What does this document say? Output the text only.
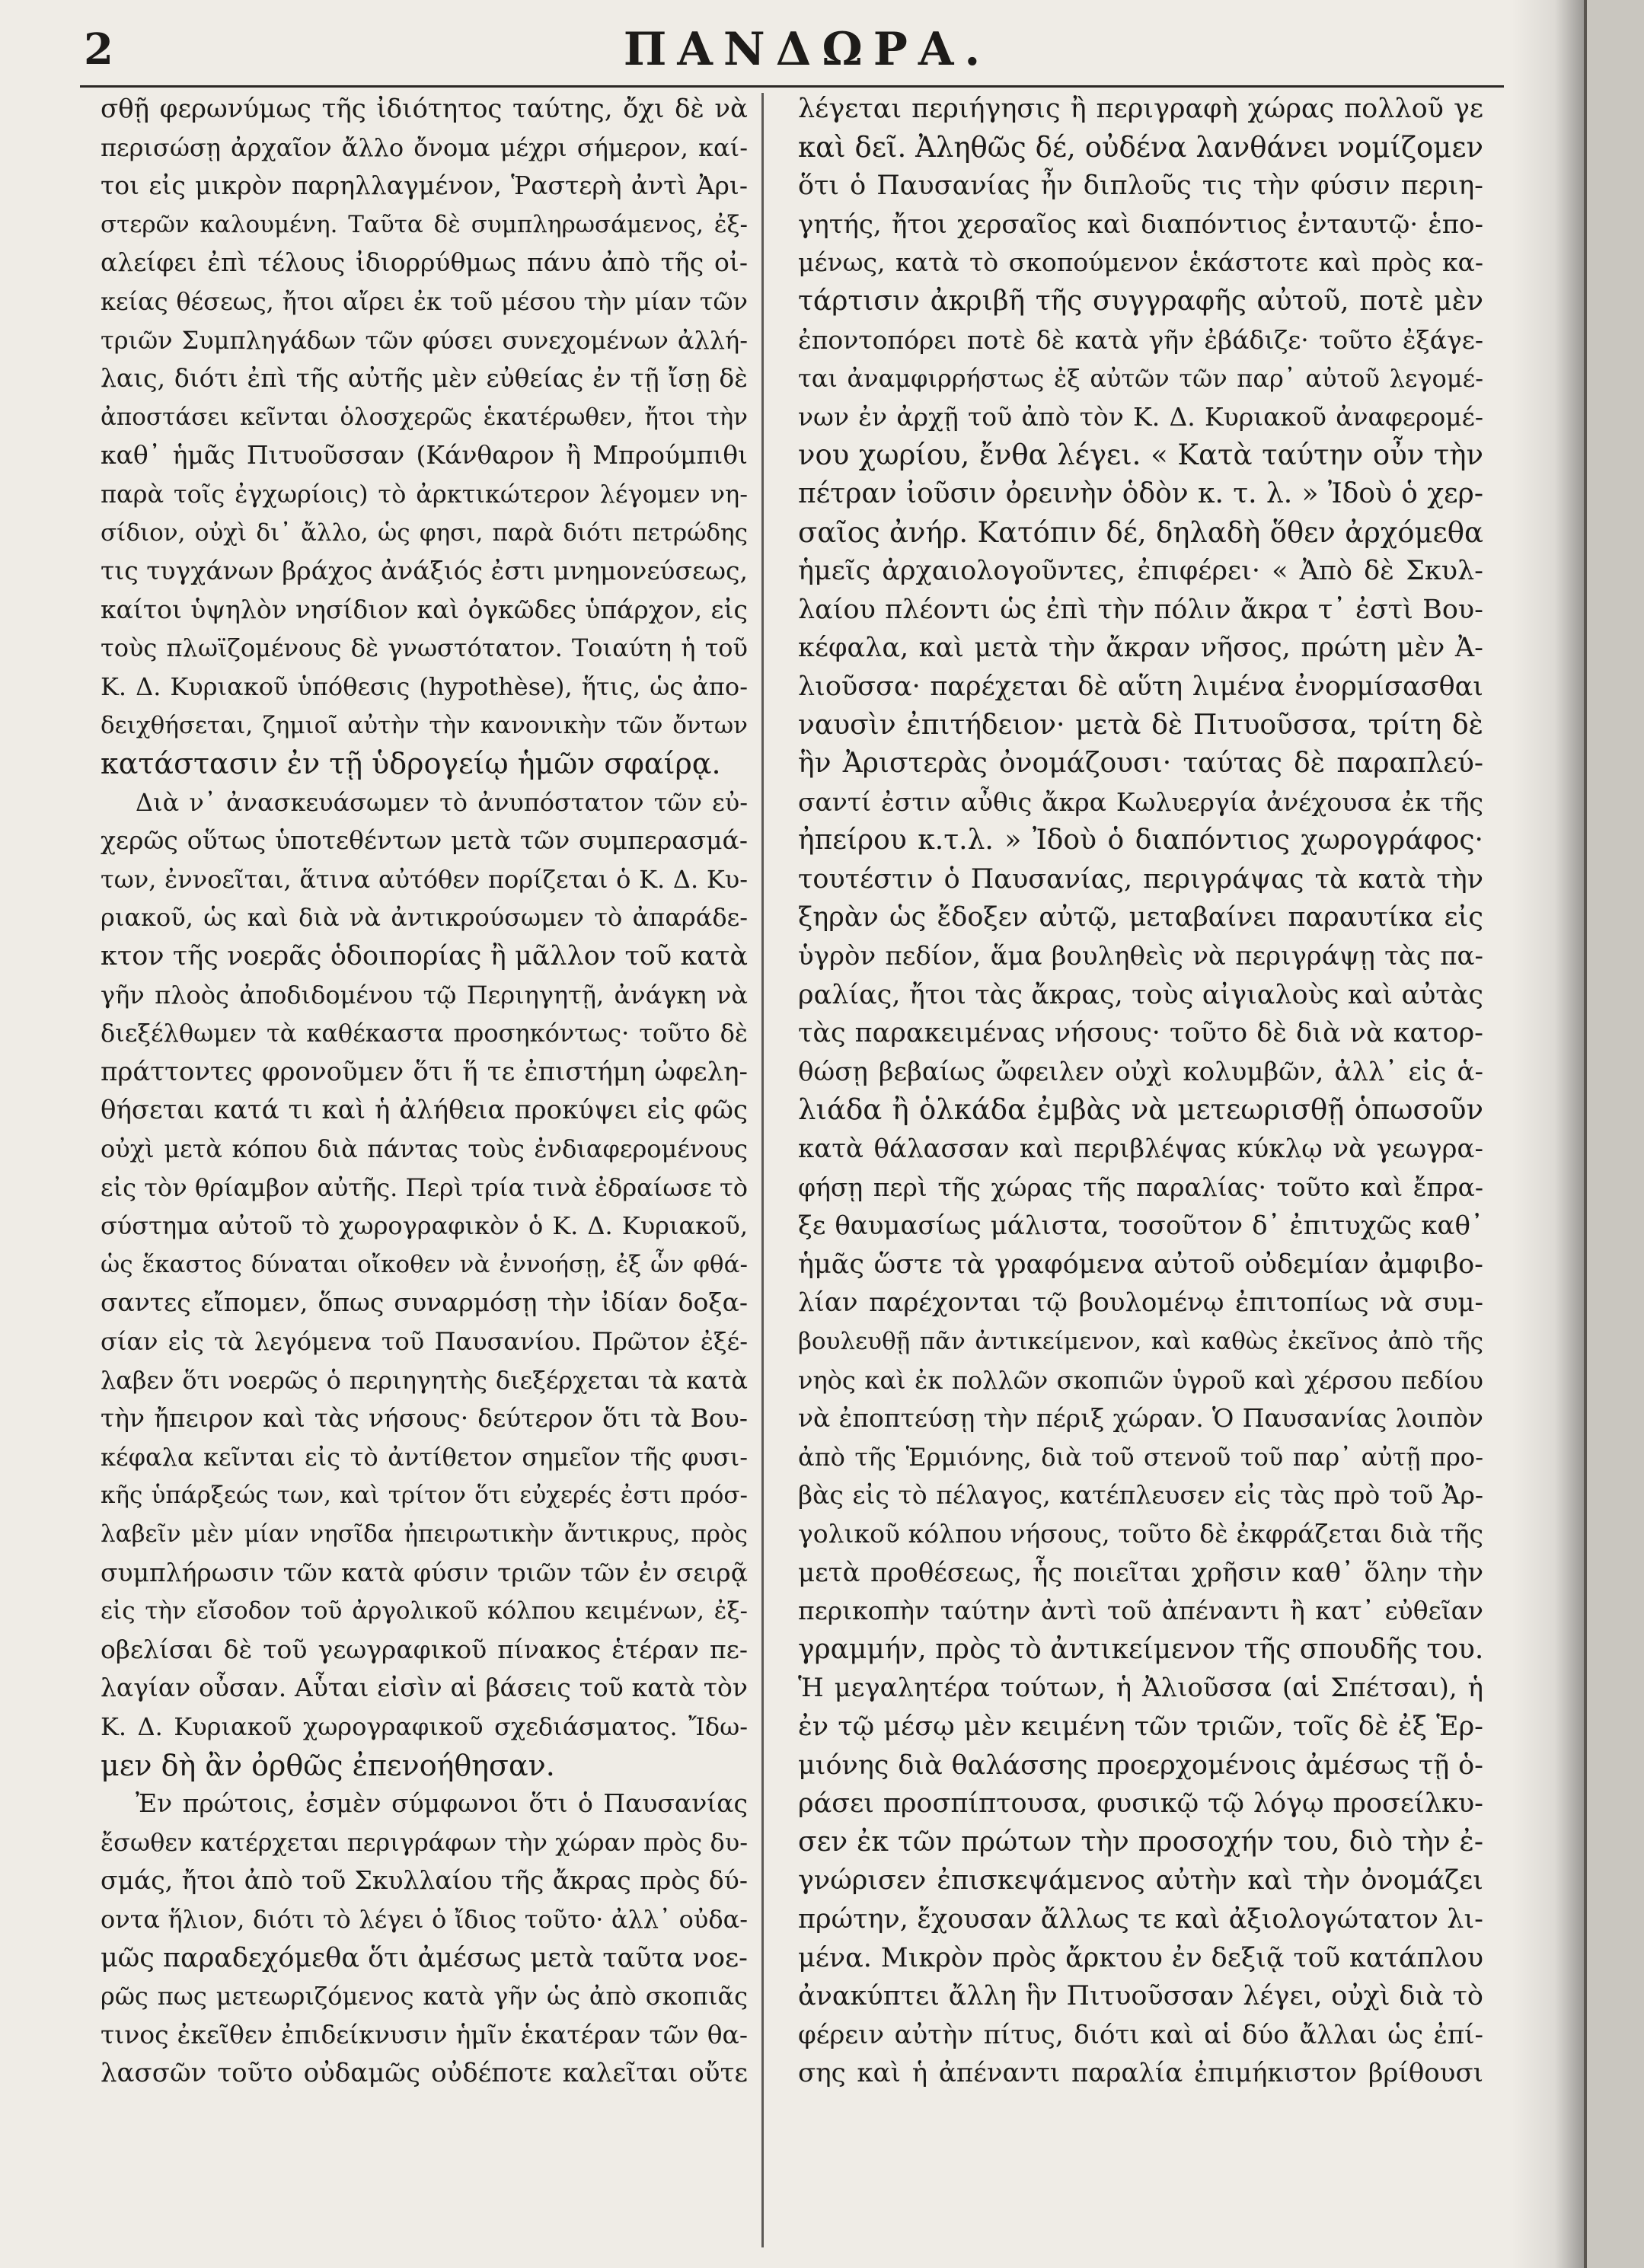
2	ΠΑΝΔΩΡΑ.
σθῇ φερωνύμως τῆς ἰδιότητος ταύτης, ὄχι δὲ νὰ
περισώσῃ ἀρχαῖον ἄλλο ὄνομα μέχρι σήμερον, καί-
τοι εἰς μικρὸν παρηλλαγμένον, Ῥαστερὴ ἀντὶ Ἀρι-
στερῶν καλουμένη. Ταῦτα δὲ συμπληρωσάμενος, ἐξ-
αλείφει ἐπὶ τέλους ἰδιορρύθμως πάνυ ἀπὸ τῆς οἰ-
κείας θέσεως, ἤτοι αἴρει ἐκ τοῦ μέσου τὴν μίαν τῶν
τριῶν Συμπληγάδων τῶν φύσει συνεχομένων ἀλλή-
λαις, διότι ἐπὶ τῆς αὐτῆς μὲν εὐθείας ἐν τῇ ἴσῃ δὲ
ἀποστάσει κεῖνται ὁλοσχερῶς ἑκατέρωθεν, ἤτοι τὴν
καθ᾽ ἡμᾶς Πιτυοῦσσαν (Κάνθαρον ἢ Μπρούμπιθι
παρὰ τοῖς ἐγχωρίοις) τὸ ἀρκτικώτερον λέγομεν νη-
σίδιον, οὐχὶ δι᾽ ἄλλο, ὡς φησι, παρὰ διότι πετρώδης
τις τυγχάνων βράχος ἀνάξιός ἐστι μνημονεύσεως,
καίτοι ὑψηλὸν νησίδιον καὶ ὀγκῶδες ὑπάρχον, εἰς
τοὺς πλωϊζομένους δὲ γνωστότατον. Τοιαύτη ἡ τοῦ
Κ. Δ. Κυριακοῦ ὑπόθεσις (hypothèse), ἥτις, ὡς ἀπο-
δειχθήσεται, ζημιοῖ αὐτὴν τὴν κανονικὴν τῶν ὄντων
κατάστασιν ἐν τῇ ὑδρογείῳ ἡμῶν σφαίρᾳ.
Διὰ ν᾽ ἀνασκευάσωμεν τὸ ἀνυπόστατον τῶν εὐ-
χερῶς οὕτως ὑποτεθέντων μετὰ τῶν συμπερασμά-
των, ἐννοεῖται, ἅτινα αὐτόθεν πορίζεται ὁ Κ. Δ. Κυ-
ριακοῦ, ὡς καὶ διὰ νὰ ἀντικρούσωμεν τὸ ἀπαράδε-
κτον τῆς νοερᾶς ὁδοιπορίας ἢ μᾶλλον τοῦ κατὰ
γῆν πλοὸς ἀποδιδομένου τῷ Περιηγητῇ, ἀνάγκη νὰ
διεξέλθωμεν τὰ καθέκαστα προσηκόντως· τοῦτο δὲ
πράττοντες φρονοῦμεν ὅτι ἥ τε ἐπιστήμη ὠφελη-
θήσεται κατά τι καὶ ἡ ἀλήθεια προκύψει εἰς φῶς
οὐχὶ μετὰ κόπου διὰ πάντας τοὺς ἐνδιαφερομένους
εἰς τὸν θρίαμβον αὐτῆς. Περὶ τρία τινὰ ἐδραίωσε τὸ
σύστημα αὐτοῦ τὸ χωρογραφικὸν ὁ Κ. Δ. Κυριακοῦ,
ὡς ἕκαστος δύναται οἴκοθεν νὰ ἐννοήσῃ, ἐξ ὧν φθά-
σαντες εἴπομεν, ὅπως συναρμόσῃ τὴν ἰδίαν δοξα-
σίαν εἰς τὰ λεγόμενα τοῦ Παυσανίου. Πρῶτον ἐξέ-
λαβεν ὅτι νοερῶς ὁ περιηγητὴς διεξέρχεται τὰ κατὰ
τὴν ἤπειρον καὶ τὰς νήσους· δεύτερον ὅτι τὰ Βου-
κέφαλα κεῖνται εἰς τὸ ἀντίθετον σημεῖον τῆς φυσι-
κῆς ὑπάρξεώς των, καὶ τρίτον ὅτι εὐχερές ἐστι πρόσ-
λαβεῖν μὲν μίαν νησῖδα ἠπειρωτικὴν ἄντικρυς, πρὸς
συμπλήρωσιν τῶν κατὰ φύσιν τριῶν τῶν ἐν σειρᾷ
εἰς τὴν εἴσοδον τοῦ ἀργολικοῦ κόλπου κειμένων, ἐξ-
οβελίσαι δὲ τοῦ γεωγραφικοῦ πίνακος ἑτέραν πε-
λαγίαν οὖσαν. Αὗται εἰσὶν αἱ βάσεις τοῦ κατὰ τὸν
Κ. Δ. Κυριακοῦ χωρογραφικοῦ σχεδιάσματος. Ἴδω-
μεν δὴ ἂν ὀρθῶς ἐπενοήθησαν.
Ἐν πρώτοις, ἐσμὲν σύμφωνοι ὅτι ὁ Παυσανίας
ἔσωθεν κατέρχεται περιγράφων τὴν χώραν πρὸς δυ-
σμάς, ἤτοι ἀπὸ τοῦ Σκυλλαίου τῆς ἄκρας πρὸς δύ-
οντα ἥλιον, διότι τὸ λέγει ὁ ἴδιος τοῦτο· ἀλλ᾽ οὐδα-
μῶς παραδεχόμεθα ὅτι ἀμέσως μετὰ ταῦτα νοε-
ρῶς πως μετεωριζόμενος κατὰ γῆν ὡς ἀπὸ σκοπιᾶς
τινος ἐκεῖθεν ἐπιδείκνυσιν ἡμῖν ἑκατέραν τῶν θα-
λασσῶν τοῦτο οὐδαμῶς οὐδέποτε καλεῖται οὔτε
λέγεται περιήγησις ἢ περιγραφὴ χώρας πολλοῦ γε
καὶ δεῖ. Ἀληθῶς δέ, οὐδένα λανθάνει νομίζομεν
ὅτι ὁ Παυσανίας ἦν διπλοῦς τις τὴν φύσιν περιη-
γητής, ἤτοι χερσαῖος καὶ διαπόντιος ἐνταυτῷ· ἑπο-
μένως, κατὰ τὸ σκοπούμενον ἑκάστοτε καὶ πρὸς κα-
τάρτισιν ἀκριβῆ τῆς συγγραφῆς αὐτοῦ, ποτὲ μὲν
ἐποντοπόρει ποτὲ δὲ κατὰ γῆν ἐβάδιζε· τοῦτο ἐξάγε-
ται ἀναμφιρρήστως ἐξ αὐτῶν τῶν παρ᾽ αὐτοῦ λεγομέ-
νων ἐν ἀρχῇ τοῦ ἀπὸ τὸν Κ. Δ. Κυριακοῦ ἀναφερομέ-
νου χωρίου, ἔνθα λέγει. « Κατὰ ταύτην οὖν τὴν
πέτραν ἰοῦσιν ὀρεινὴν ὁδὸν κ. τ. λ. » Ἰδοὺ ὁ χερ-
σαῖος ἀνήρ. Κατόπιν δέ, δηλαδὴ ὅθεν ἀρχόμεθα
ἡμεῖς ἀρχαιολογοῦντες, ἐπιφέρει· « Ἀπὸ δὲ Σκυλ-
λαίου πλέοντι ὡς ἐπὶ τὴν πόλιν ἄκρα τ᾽ ἐστὶ Βου-
κέφαλα, καὶ μετὰ τὴν ἄκραν νῆσος, πρώτη μὲν Ἀ-
λιοῦσσα· παρέχεται δὲ αὕτη λιμένα ἐνορμίσασθαι
ναυσὶν ἐπιτήδειον· μετὰ δὲ Πιτυοῦσσα, τρίτη δὲ
ἣν Ἀριστερὰς ὀνομάζουσι· ταύτας δὲ παραπλεύ-
σαντί ἐστιν αὖθις ἄκρα Κωλυεργία ἀνέχουσα ἐκ τῆς
ἠπείρου κ.τ.λ. » Ἰδοὺ ὁ διαπόντιος χωρογράφος·
τουτέστιν ὁ Παυσανίας, περιγράψας τὰ κατὰ τὴν
ξηρὰν ὡς ἔδοξεν αὐτῷ, μεταβαίνει παραυτίκα εἰς
ὑγρὸν πεδίον, ἅμα βουληθεὶς νὰ περιγράψῃ τὰς πα-
ραλίας, ἤτοι τὰς ἄκρας, τοὺς αἰγιαλοὺς καὶ αὐτὰς
τὰς παρακειμένας νήσους· τοῦτο δὲ διὰ νὰ κατορ-
θώσῃ βεβαίως ὤφειλεν οὐχὶ κολυμβῶν, ἀλλ᾽ εἰς ἁ-
λιάδα ἢ ὁλκάδα ἐμβὰς νὰ μετεωρισθῇ ὁπωσοῦν
κατὰ θάλασσαν καὶ περιβλέψας κύκλῳ νὰ γεωγρα-
φήσῃ περὶ τῆς χώρας τῆς παραλίας· τοῦτο καὶ ἔπρα-
ξε θαυμασίως μάλιστα, τοσοῦτον δ᾽ ἐπιτυχῶς καθ᾽
ἡμᾶς ὥστε τὰ γραφόμενα αὐτοῦ οὐδεμίαν ἀμφιβο-
λίαν παρέχονται τῷ βουλομένῳ ἐπιτοπίως νὰ συμ-
βουλευθῇ πᾶν ἀντικείμενον, καὶ καθὼς ἐκεῖνος ἀπὸ τῆς
νηὸς καὶ ἐκ πολλῶν σκοπιῶν ὑγροῦ καὶ χέρσου πεδίου
νὰ ἐποπτεύσῃ τὴν πέριξ χώραν. Ὁ Παυσανίας λοιπὸν
ἀπὸ τῆς Ἑρμιόνης, διὰ τοῦ στενοῦ τοῦ παρ᾽ αὐτῇ προ-
βὰς εἰς τὸ πέλαγος, κατέπλευσεν εἰς τὰς πρὸ τοῦ Ἀρ-
γολικοῦ κόλπου νήσους, τοῦτο δὲ ἐκφράζεται διὰ τῆς
μετὰ προθέσεως, ἧς ποιεῖται χρῆσιν καθ᾽ ὅλην τὴν
περικοπὴν ταύτην ἀντὶ τοῦ ἀπέναντι ἢ κατ᾽ εὐθεῖαν
γραμμήν, πρὸς τὸ ἀντικείμενον τῆς σπουδῆς του.
Ἡ μεγαλητέρα τούτων, ἡ Ἀλιοῦσσα (αἱ Σπέτσαι), ἡ
ἐν τῷ μέσῳ μὲν κειμένη τῶν τριῶν, τοῖς δὲ ἐξ Ἑρ-
μιόνης διὰ θαλάσσης προερχομένοις ἀμέσως τῇ ὁ-
ράσει προσπίπτουσα, φυσικῷ τῷ λόγῳ προσείλκυ-
σεν ἐκ τῶν πρώτων τὴν προσοχήν του, διὸ τὴν ἐ-
γνώρισεν ἐπισκεψάμενος αὐτὴν καὶ τὴν ὀνομάζει
πρώτην, ἔχουσαν ἄλλως τε καὶ ἀξιολογώτατον λι-
μένα. Μικρὸν πρὸς ἄρκτου ἐν δεξιᾷ τοῦ κατάπλου
ἀνακύπτει ἄλλη ἣν Πιτυοῦσσαν λέγει, οὐχὶ διὰ τὸ
φέρειν αὐτὴν πίτυς, διότι καὶ αἱ δύο ἄλλαι ὡς ἐπί-
σης καὶ ἡ ἀπέναντι παραλία ἐπιμήκιστον βρίθουσι
